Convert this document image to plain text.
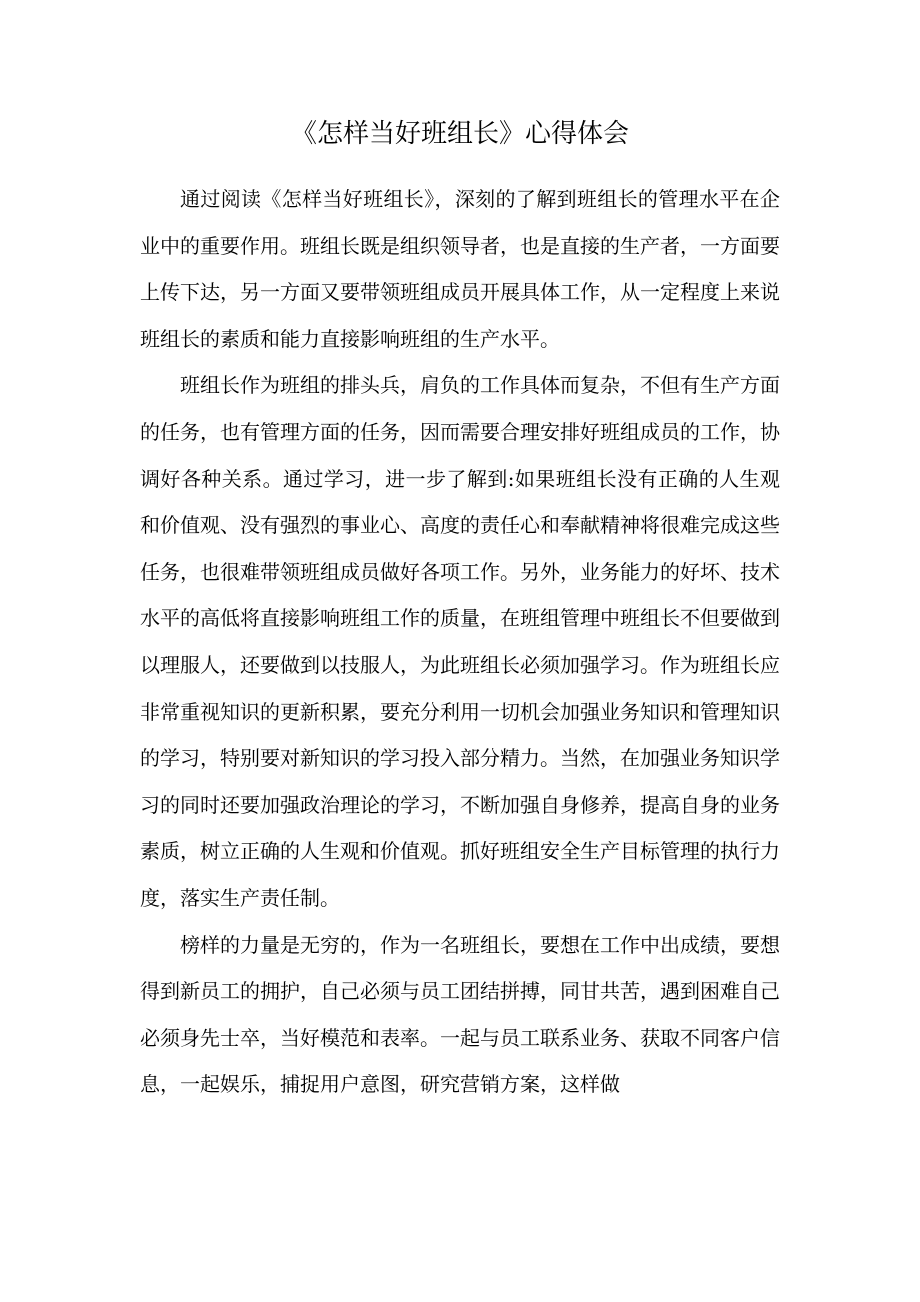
《怎样当好班组长》心得体会

通过阅读《怎样当好班组长》，深刻的了解到班组长的管理水平在企业中的重要作用。班组长既是组织领导者，也是直接的生产者，一方面要上传下达，另一方面又要带领班组成员开展具体工作，从一定程度上来说班组长的素质和能力直接影响班组的生产水平。

班组长作为班组的排头兵，肩负的工作具体而复杂，不但有生产方面的任务，也有管理方面的任务，因而需要合理安排好班组成员的工作，协调好各种关系。通过学习，进一步了解到:如果班组长没有正确的人生观和价值观、没有强烈的事业心、高度的责任心和奉献精神将很难完成这些任务，也很难带领班组成员做好各项工作。另外，业务能力的好坏、技术水平的高低将直接影响班组工作的质量，在班组管理中班组长不但要做到以理服人，还要做到以技服人，为此班组长必须加强学习。作为班组长应非常重视知识的更新积累，要充分利用一切机会加强业务知识和管理知识的学习，特别要对新知识的学习投入部分精力。当然，在加强业务知识学习的同时还要加强政治理论的学习，不断加强自身修养，提高自身的业务素质，树立正确的人生观和价值观。抓好班组安全生产目标管理的执行力度，落实生产责任制。

榜样的力量是无穷的，作为一名班组长，要想在工作中出成绩，要想得到新员工的拥护，自己必须与员工团结拼搏，同甘共苦，遇到困难自己必须身先士卒，当好模范和表率。一起与员工联系业务、获取不同客户信息，一起娱乐，捕捉用户意图，研究营销方案，这样做
